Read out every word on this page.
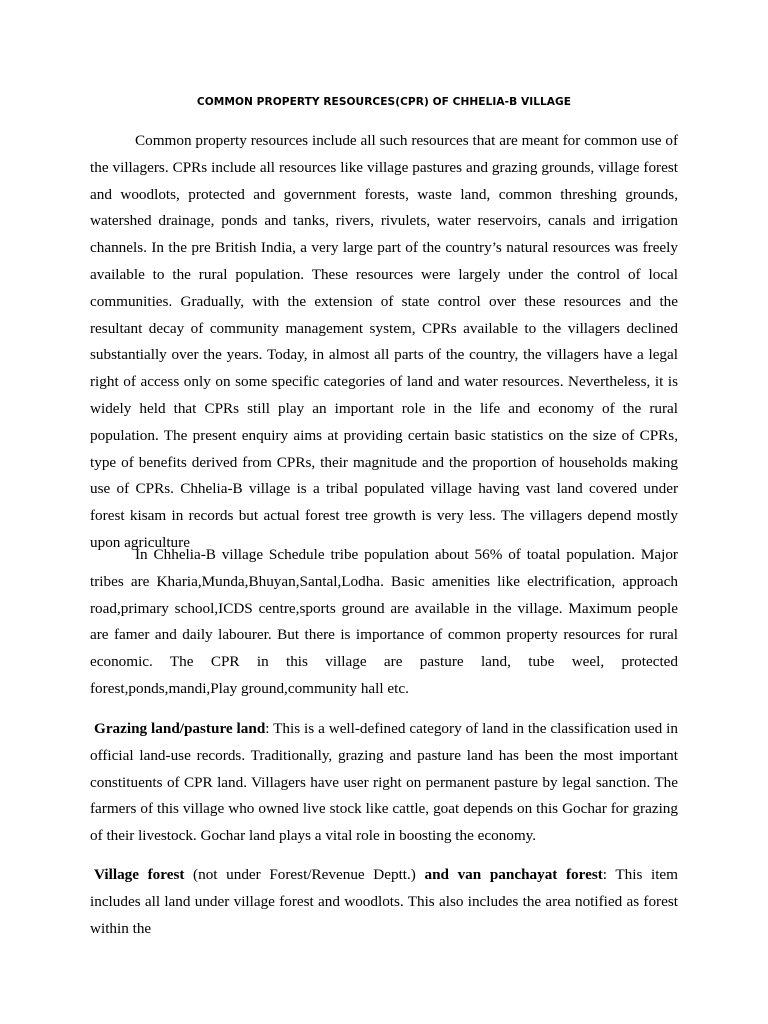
COMMON PROPERTY RESOURCES(CPR) OF CHHELIA-B VILLAGE

Common property resources include all such resources that are meant for common use of the villagers. CPRs include all resources like village pastures and grazing grounds, village forest and woodlots, protected and government forests, waste land, common threshing grounds, watershed drainage, ponds and tanks, rivers, rivulets, water reservoirs, canals and irrigation channels. In the pre British India, a very large part of the country’s natural resources was freely available to the rural population. These resources were largely under the control of local communities. Gradually, with the extension of state control over these resources and the resultant decay of community management system, CPRs available to the villagers declined substantially over the years. Today, in almost all parts of the country, the villagers have a legal right of access only on some specific categories of land and water resources. Nevertheless, it is widely held that CPRs still play an important role in the life and economy of the rural population. The present enquiry aims at providing certain basic statistics on the size of CPRs, type of benefits derived from CPRs, their magnitude and the proportion of households making use of CPRs. Chhelia-B village is a tribal populated village having vast land covered under forest kisam in records but actual forest tree growth is very less. The villagers depend mostly upon agriculture

In Chhelia-B village Schedule tribe population about 56% of toatal population. Major tribes are Kharia,Munda,Bhuyan,Santal,Lodha. Basic amenities like electrification, approach road,primary school,ICDS centre,sports ground are available in the village. Maximum people are famer and daily labourer. But there is importance of common property resources for rural economic. The CPR in this village are pasture land, tube weel, protected forest,ponds,mandi,Play ground,community hall etc.

Grazing land/pasture land: This is a well-defined category of land in the classification used in official land-use records. Traditionally, grazing and pasture land has been the most important constituents of CPR land. Villagers have user right on permanent pasture by legal sanction. The farmers of this village who owned live stock like cattle, goat depends on this Gochar for grazing of their livestock. Gochar land plays a vital role in boosting the economy.

Village forest (not under Forest/Revenue Deptt.) and van panchayat forest: This item includes all land under village forest and woodlots. This also includes the area notified as forest within the
